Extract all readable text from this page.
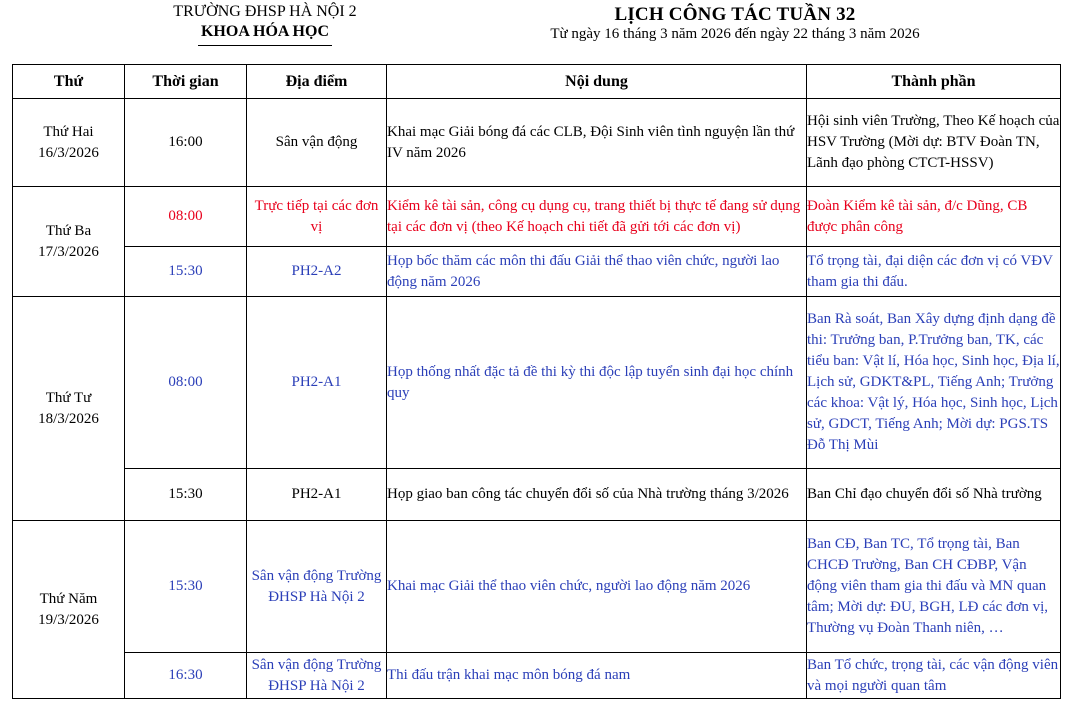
TRƯỜNG ĐHSP HÀ NỘI 2
KHOA HÓA HỌC
LỊCH CÔNG TÁC TUẦN 32
Từ ngày 16 tháng 3 năm 2026 đến ngày 22 tháng 3 năm 2026
Thứ	Thời gian	Địa điểm	Nội dung	Thành phần

Thứ Hai
16/3/2026	16:00	Sân vận động	Khai mạc Giải bóng đá các CLB, Đội Sinh viên tình nguyện lần thứ IV năm 2026	Hội sinh viên Trường, Theo Kế hoạch của HSV Trường (Mời dự: BTV Đoàn TN, Lãnh đạo phòng CTCT-HSSV)

Thứ Ba
17/3/2026	08:00	Trực tiếp tại các đơn vị	Kiểm kê tài sản, công cụ dụng cụ, trang thiết bị thực tế đang sử dụng tại các đơn vị (theo Kế hoạch chi tiết đã gửi tới các đơn vị)	Đoàn Kiểm kê tài sản, đ/c Dũng, CB được phân công
	15:30	PH2-A2	Họp bốc thăm các môn thi đấu Giải thể thao viên chức, người lao động năm 2026	Tổ trọng tài, đại diện các đơn vị có VĐV tham gia thi đấu.

Thứ Tư
18/3/2026	08:00	PH2-A1	Họp thống nhất đặc tả đề thi kỳ thi độc lập tuyển sinh đại học chính quy	Ban Rà soát, Ban Xây dựng định dạng đề thi: Trưởng ban, P.Trưởng ban, TK, các tiểu ban: Vật lí, Hóa học, Sinh học, Địa lí, Lịch sử, GDKT&PL, Tiếng Anh; Trưởng các khoa: Vật lý, Hóa học, Sinh học, Lịch sử, GDCT, Tiếng Anh; Mời dự: PGS.TS Đỗ Thị Mùi
	15:30	PH2-A1	Họp giao ban công tác chuyển đổi số của Nhà trường tháng 3/2026	Ban Chỉ đạo chuyển đổi số Nhà trường

Thứ Năm
19/3/2026	15:30	Sân vận động Trường ĐHSP Hà Nội 2	Khai mạc Giải thể thao viên chức, người lao động năm 2026	Ban CĐ, Ban TC, Tổ trọng tài, Ban CHCĐ Trường, Ban CH CĐBP, Vận động viên tham gia thi đấu và MN quan tâm; Mời dự: ĐU, BGH, LĐ các đơn vị, Thường vụ Đoàn Thanh niên, …
	16:30	Sân vận động Trường ĐHSP Hà Nội 2	Thi đấu trận khai mạc môn bóng đá nam	Ban Tổ chức, trọng tài, các vận động viên và mọi người quan tâm
